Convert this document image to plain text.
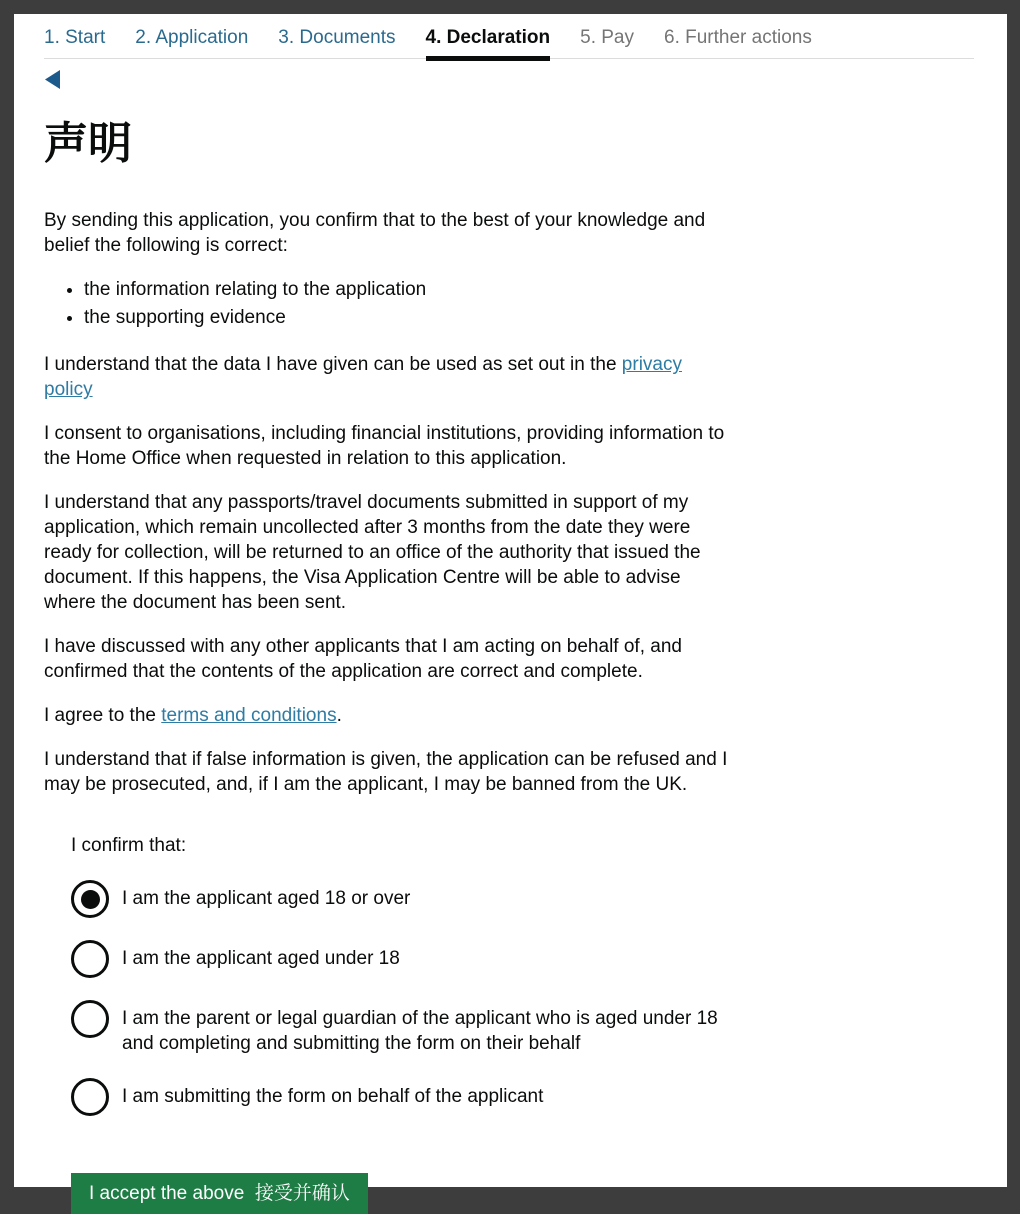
1. Start 2. Application 3. Documents 4. Declaration 5. Pay 6. Further actions
声明

By sending this application, you confirm that to the best of your knowledge and belief the following is correct:

• the information relating to the application
• the supporting evidence

I understand that the data I have given can be used as set out in the privacy policy

I consent to organisations, including financial institutions, providing information to the Home Office when requested in relation to this application.

I understand that any passports/travel documents submitted in support of my application, which remain uncollected after 3 months from the date they were ready for collection, will be returned to an office of the authority that issued the document. If this happens, the Visa Application Centre will be able to advise where the document has been sent.

I have discussed with any other applicants that I am acting on behalf of, and confirmed that the contents of the application are correct and complete.

I agree to the terms and conditions.

I understand that if false information is given, the application can be refused and I may be prosecuted, and, if I am the applicant, I may be banned from the UK.

I confirm that:

I am the applicant aged 18 or over
I am the applicant aged under 18
I am the parent or legal guardian of the applicant who is aged under 18 and completing and submitting the form on their behalf
I am submitting the form on behalf of the applicant
I accept the above  接受并确认
